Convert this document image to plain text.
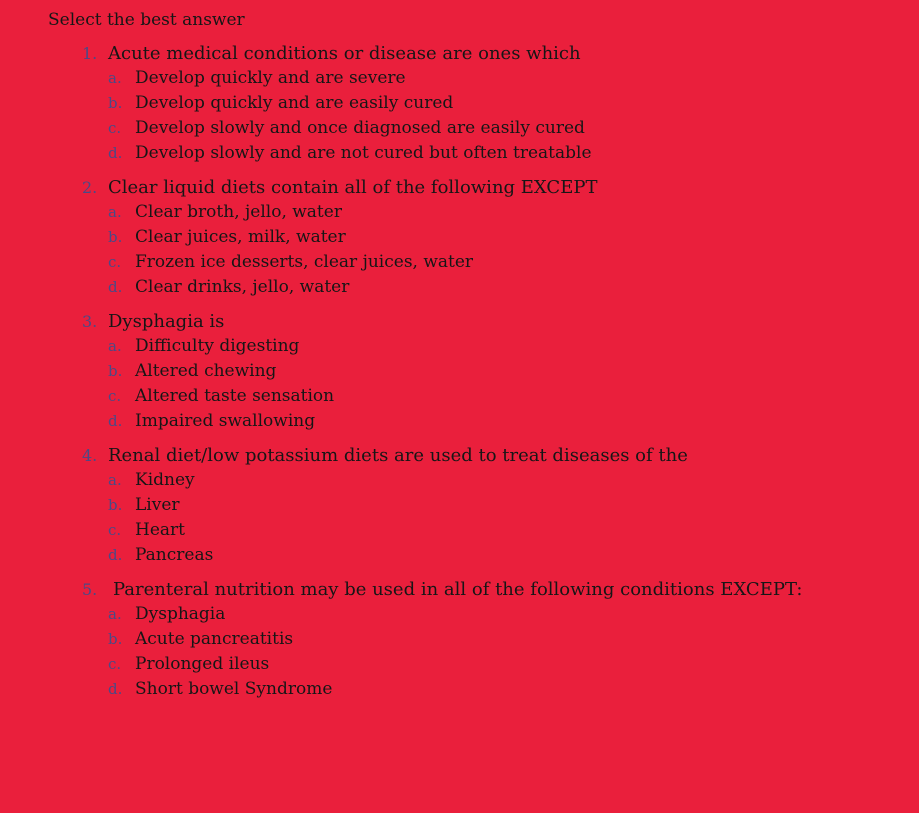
Select the best answer
1. Acute medical conditions or disease are ones which
a. Develop quickly and are severe
b. Develop quickly and are easily cured
c. Develop slowly and once diagnosed are easily cured
d. Develop slowly and are not cured but often treatable
2. Clear liquid diets contain all of the following EXCEPT
a. Clear broth, jello, water
b. Clear juices, milk, water
c. Frozen ice desserts, clear juices, water
d. Clear drinks, jello, water
3. Dysphagia is
a. Difficulty digesting
b. Altered chewing
c. Altered taste sensation
d. Impaired swallowing
4. Renal diet/low potassium diets are used to treat diseases of the
a. Kidney
b. Liver
c. Heart
d. Pancreas
5. Parenteral nutrition may be used in all of the following conditions EXCEPT:
a. Dysphagia
b. Acute pancreatitis
c. Prolonged ileus
d. Short bowel Syndrome
